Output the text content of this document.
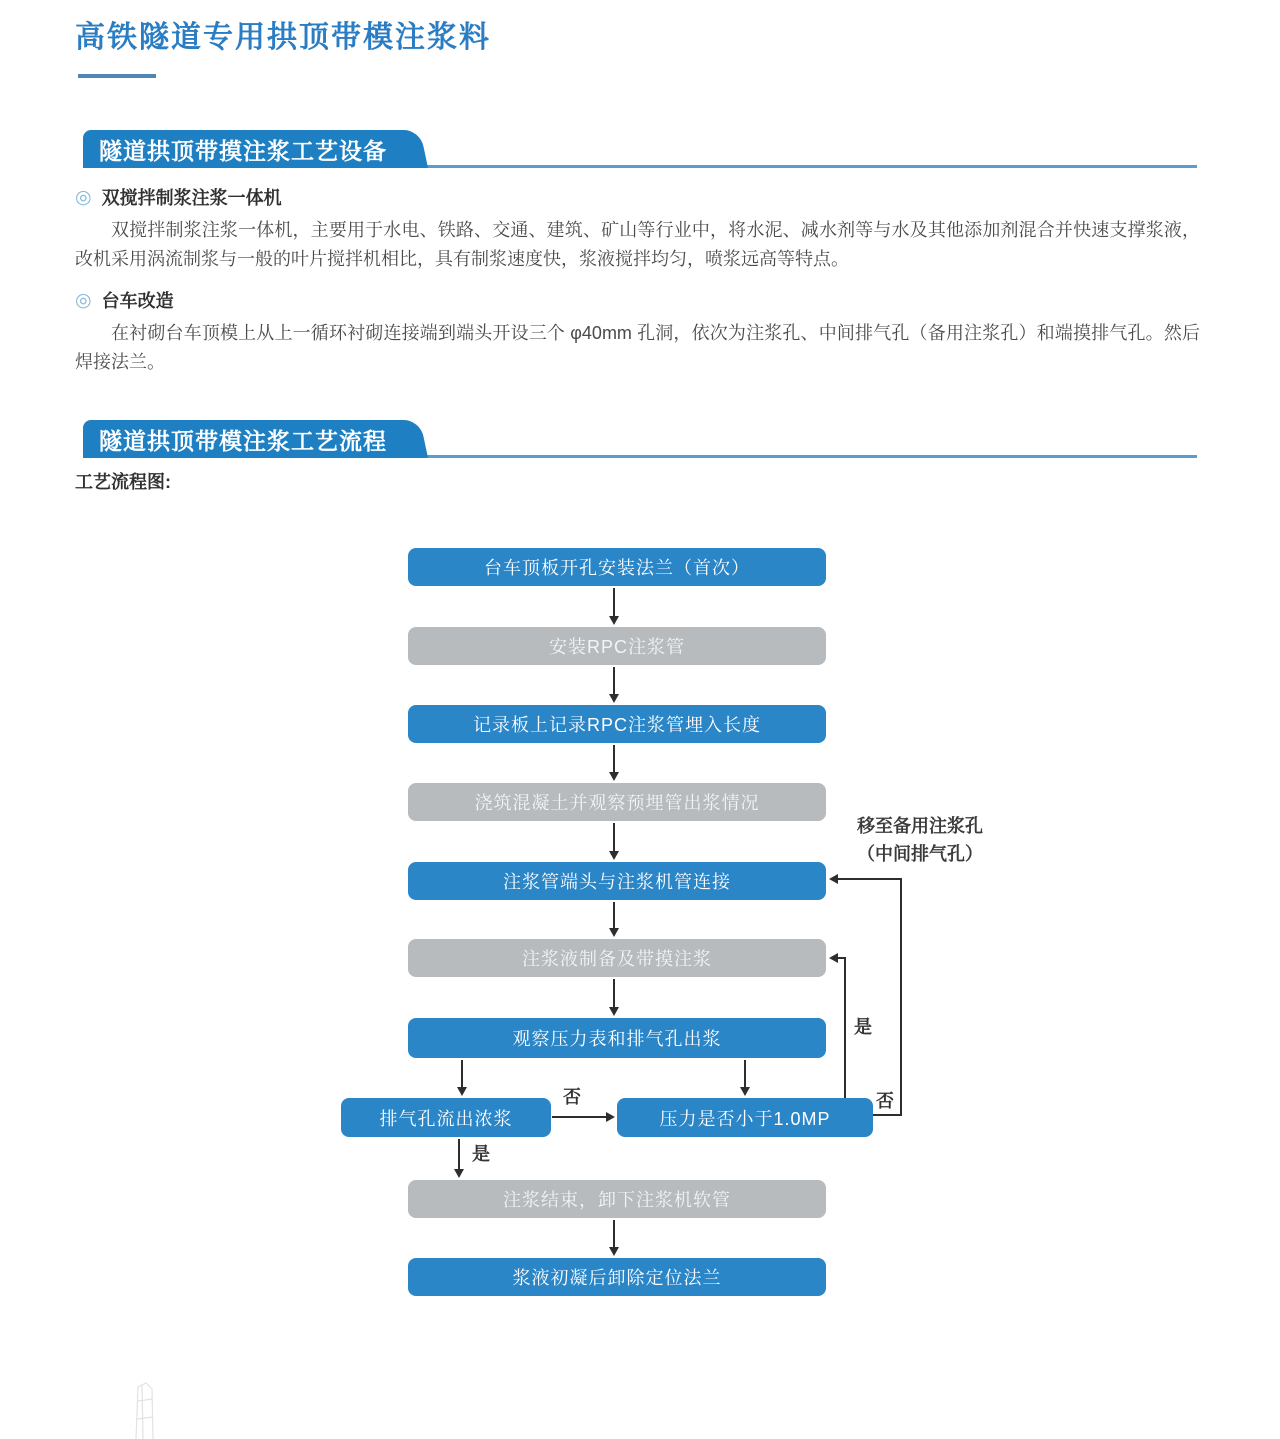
高铁隧道专用拱顶带模注浆料
隧道拱顶带摸注浆工艺设备
◎ 双搅拌制浆注浆一体机

双搅拌制浆注浆一体机，主要用于水电、铁路、交通、建筑、矿山等行业中，将水泥、减水剂等与水及其他添加剂混合并快速支撑浆液，改机采用涡流制浆与一般的叶片搅拌机相比，具有制浆速度快，浆液搅拌均匀，喷浆远高等特点。

◎ 台车改造

在衬砌台车顶模上从上一循环衬砌连接端到端头开设三个 φ40mm 孔洞，依次为注浆孔、中间排气孔（备用注浆孔）和端摸排气孔。然后焊接法兰。

隧道拱顶带模注浆工艺流程
工艺流程图:
台车顶板开孔安装法兰（首次）
安装RPC注浆管
记录板上记录RPC注浆管埋入长度
浇筑混凝土并观察预埋管出浆情况
注浆管端头与注浆机管连接
注浆液制备及带摸注浆
观察压力表和排气孔出浆
排气孔流出浓浆	压力是否小于1.0MP
注浆结束，卸下注浆机软管
浆液初凝后卸除定位法兰
否
是
是
否
移至备用注浆孔
（中间排气孔）
